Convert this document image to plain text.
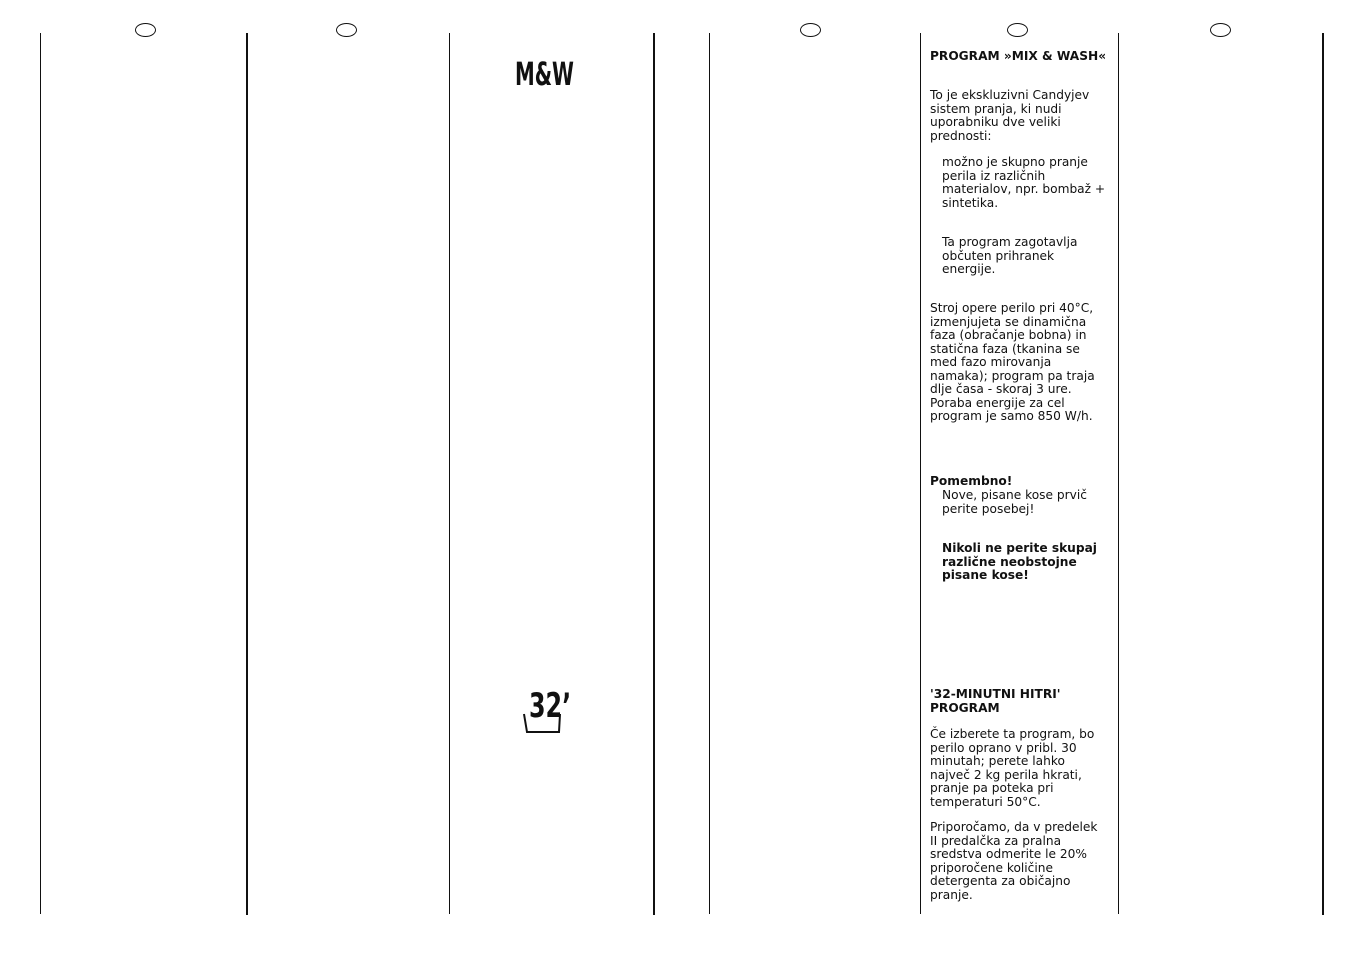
M&W
32’
PROGRAM »MIX & WASH«
To je ekskluzivni Candyjev sistem pranja, ki nudi uporabniku dve veliki prednosti:
možno je skupno pranje perila iz različnih materialov, npr. bombaž + sintetika.
Ta program zagotavlja občuten prihranek energije.
Stroj opere perilo pri 40°C, izmenjujeta se dinamična faza (obračanje bobna) in statična faza (tkanina se med fazo mirovanja namaka); program pa traja dlje časa - skoraj 3 ure. Poraba energije za cel program je samo 850 W/h.
Pomembno!
Nove, pisane kose prvič perite posebej!
Nikoli ne perite skupaj različne neobstojne pisane kose!
'32-MINUTNI HITRI' PROGRAM
Če izberete ta program, bo perilo oprano v pribl. 30 minutah; perete lahko največ 2 kg perila hkrati, pranje pa poteka pri temperaturi 50°C.
Priporočamo, da v predelek II predalčka za pralna sredstva odmerite le 20% priporočene količine detergenta za običajno pranje.
